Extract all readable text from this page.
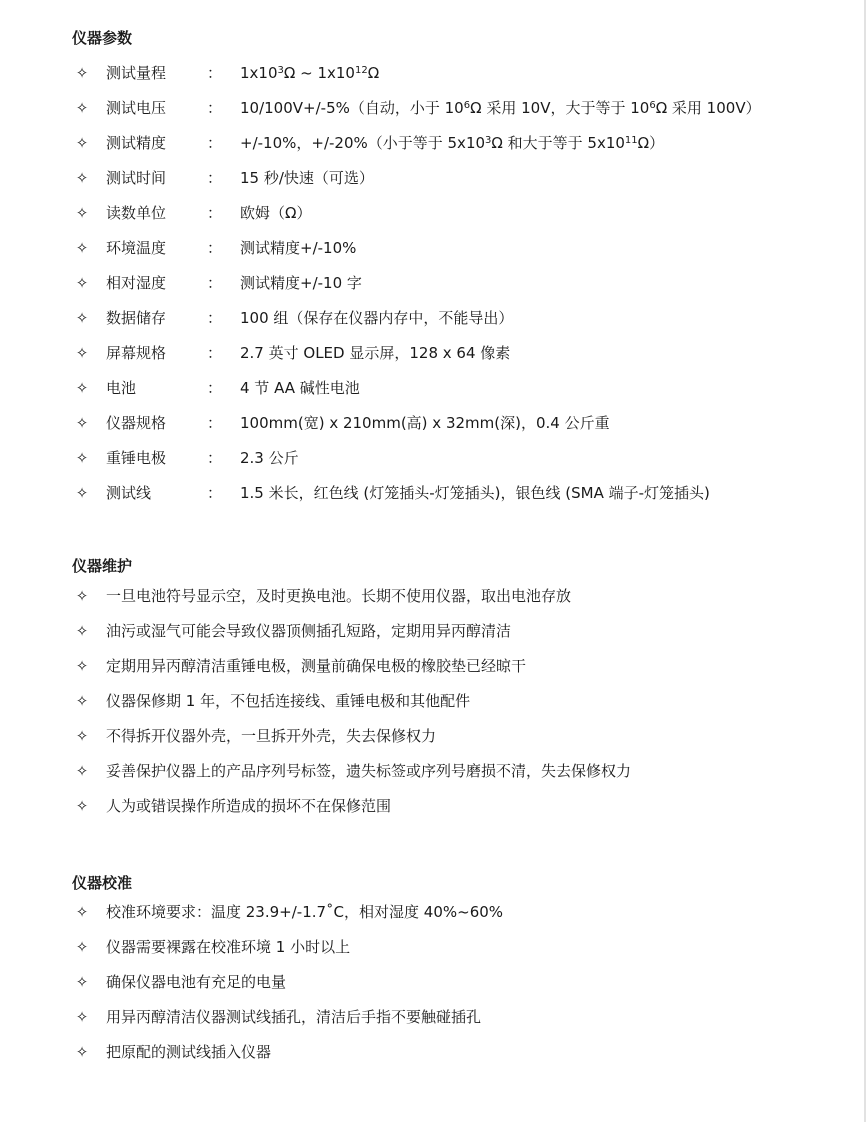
仪器参数
✧ 测试量程	： $1x10^3\Omega$ ~ $1x10^{12}\Omega$
✧ 测试电压	： 10/100V+/-5%（自动，小于 $10^6\Omega$ 采用 10V，大于等于 $10^6\Omega$ 采用 100V）
✧ 测试精度	： +/-10%，+/-20%（小于等于 $5x10^3\Omega$ 和大于等于 $5x10^{11}\Omega$）
✧ 测试时间	： 15 秒/快速（可选）
✧ 读数单位	： 欧姆（Ω）
✧ 环境温度	： 测试精度+/-10%
✧ 相对湿度	： 测试精度+/-10 字
✧ 数据储存	： 100 组（保存在仪器内存中，不能导出）
✧ 屏幕规格	： 2.7 英寸 OLED 显示屏，128 x 64 像素
✧ 电池	： 4 节 AA 碱性电池
✧ 仪器规格	： 100mm(宽) x 210mm(高) x 32mm(深)，0.4 公斤重
✧ 重锤电极	： 2.3 公斤
✧ 测试线	： 1.5 米长，红色线 (灯笼插头-灯笼插头)，银色线 (SMA 端子-灯笼插头)
仪器维护
✧ 一旦电池符号显示空，及时更换电池。长期不使用仪器，取出电池存放
✧ 油污或湿气可能会导致仪器顶侧插孔短路，定期用异丙醇清洁
✧ 定期用异丙醇清洁重锤电极，测量前确保电极的橡胶垫已经晾干
✧ 仪器保修期 1 年，不包括连接线、重锤电极和其他配件
✧ 不得拆开仪器外壳，一旦拆开外壳，失去保修权力
✧ 妥善保护仪器上的产品序列号标签，遗失标签或序列号磨损不清，失去保修权力
✧ 人为或错误操作所造成的损坏不在保修范围
仪器校准
✧ 校准环境要求：温度 23.9+/-1.7˚C，相对湿度 40%~60%
✧ 仪器需要裸露在校准环境 1 小时以上
✧ 确保仪器电池有充足的电量
✧ 用异丙醇清洁仪器测试线插孔，清洁后手指不要触碰插孔
✧ 把原配的测试线插入仪器
